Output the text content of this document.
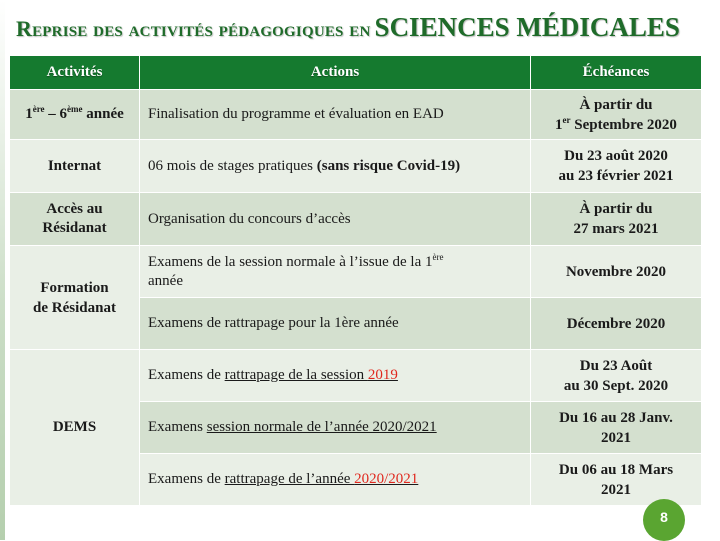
Reprise des activités pédagogiques en SCIENCES MÉDICALES
Activités	Actions	Échéances
1ère – 6ème année	Finalisation du programme et évaluation en EAD	À partir du
1er Septembre 2020
Internat	06 mois de stages pratiques (sans risque Covid-19)	Du 23 août 2020
au 23 février 2021
Accès au
Résidanat	Organisation du concours d’accès	À partir du
27 mars 2021
Formation
de Résidanat	Examens de la session normale à l’issue de la 1ère
année	Novembre 2020
	Examens de rattrapage pour la 1ère année	Décembre 2020
DEMS	Examens de rattrapage de la session 2019	Du 23 Août
au 30 Sept. 2020
	Examens session normale de l’année 2020/2021	Du 16 au 28 Janv.
2021
	Examens de rattrapage de l’année 2020/2021	Du 06 au 18 Mars
2021
8
